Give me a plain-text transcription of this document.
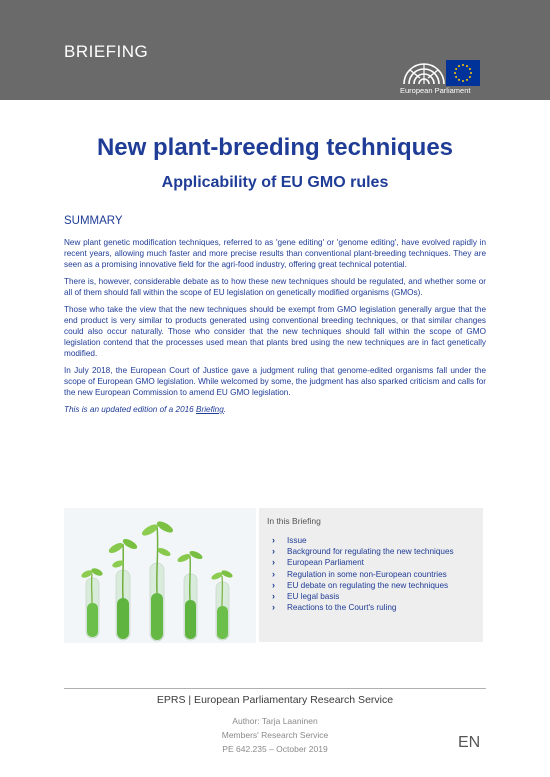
BRIEFING
European Parliament
New plant-breeding techniques
Applicability of EU GMO rules
SUMMARY

New plant genetic modification techniques, referred to as 'gene editing' or 'genome editing', have evolved rapidly in recent years, allowing much faster and more precise results than conventional plant-breeding techniques. They are seen as a promising innovative field for the agri-food industry, offering great technical potential.

There is, however, considerable debate as to how these new techniques should be regulated, and whether some or all of them should fall within the scope of EU legislation on genetically modified organisms (GMOs).

Those who take the view that the new techniques should be exempt from GMO legislation generally argue that the end product is very similar to products generated using conventional breeding techniques, or that similar changes could also occur naturally. Those who consider that the new techniques should fall within the scope of GMO legislation contend that the processes used mean that plants bred using the new techniques are in fact genetically modified.

In July 2018, the European Court of Justice gave a judgment ruling that genome-edited organisms fall under the scope of European GMO legislation. While welcomed by some, the judgment has also sparked criticism and calls for the new European Commission to amend EU GMO legislation.

This is an updated edition of a 2016 Briefing.

In this Briefing
› Issue
› Background for regulating the new techniques
› European Parliament
› Regulation in some non-European countries
› EU debate on regulating the new techniques
› EU legal basis
› Reactions to the Court's ruling
EPRS | European Parliamentary Research Service
Author: Tarja Laaninen
Members' Research Service
PE 642.235 – October 2019	EN
